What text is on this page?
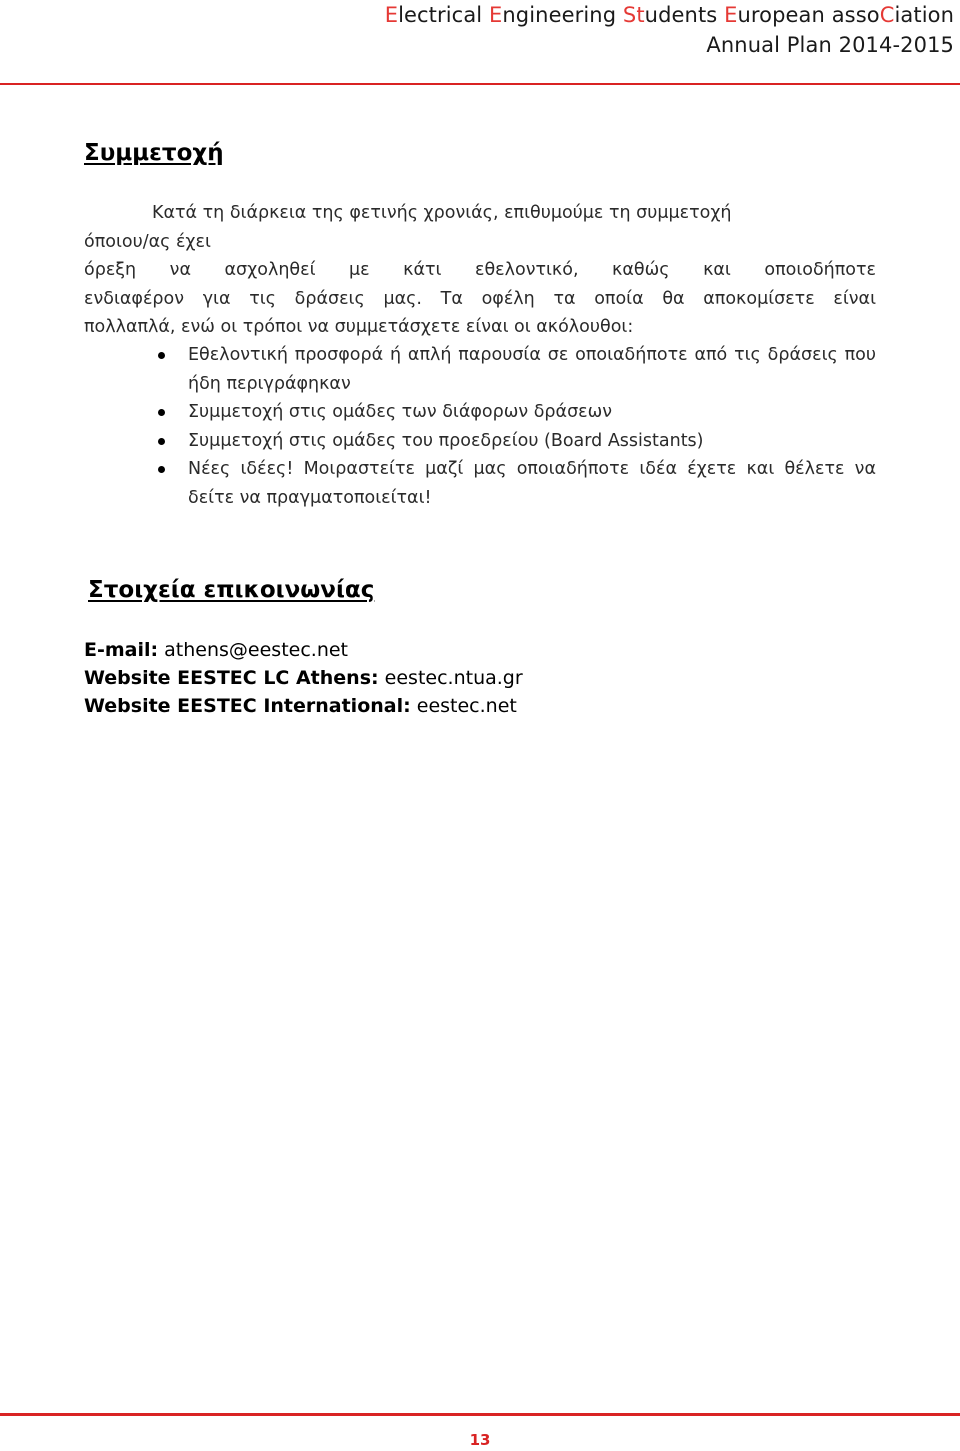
Electrical Engineering Students European assoCiation
Annual Plan 2014-2015
Συμμετοχή
Κατά τη διάρκεια της φετινής χρονιάς, επιθυμούμε τη συμμετοχή
όποιου/ας έχει
όρεξη να ασχοληθεί με κάτι εθελοντικό, καθώς και οποιοδήποτε
ενδιαφέρον για τις δράσεις μας. Τα οφέλη τα οποία θα αποκομίσετε είναι
πολλαπλά, ενώ οι τρόποι να συμμετάσχετε είναι οι ακόλουθοι:
Εθελοντική προσφορά ή απλή παρουσία σε οποιαδήποτε από τις δράσεις που ήδη περιγράφηκαν
Συμμετοχή στις ομάδες των διάφορων δράσεων
Συμμετοχή στις ομάδες του προεδρείου (Board Assistants)
Νέες ιδέες! Μοιραστείτε μαζί μας οποιαδήποτε ιδέα έχετε και θέλετε να δείτε να πραγματοποιείται!
Στοιχεία επικοινωνίας
E-mail: athens@eestec.net
Website EESTEC LC Athens: eestec.ntua.gr
Website EESTEC International: eestec.net
13
